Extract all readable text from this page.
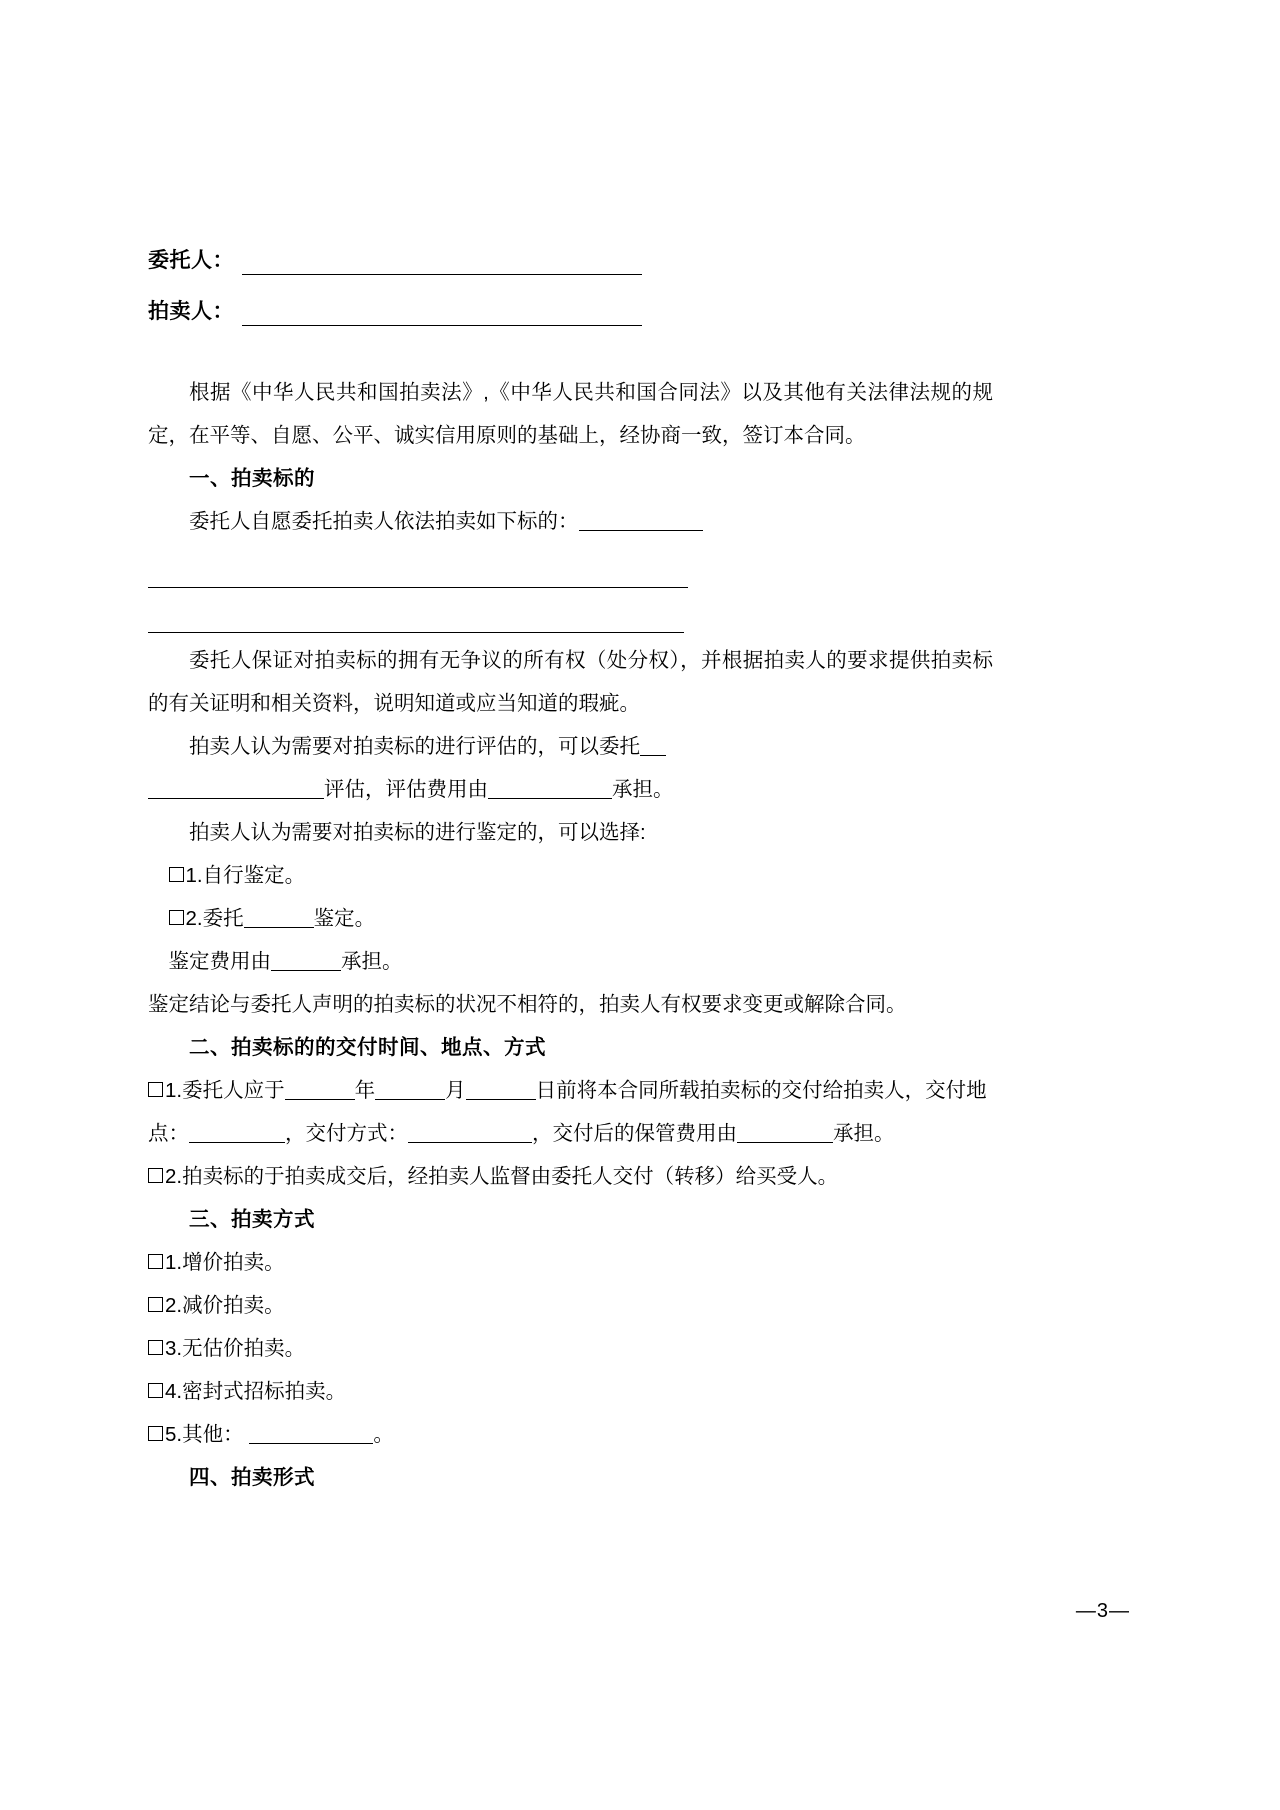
委托人：
拍卖人：

根据《中华人民共和国拍卖法》,《中华人民共和国合同法》以及其他有关法律法规的规定，在平等、自愿、公平、诚实信用原则的基础上，经协商一致，签订本合同。

一、拍卖标的

委托人自愿委托拍卖人依法拍卖如下标的：

委托人保证对拍卖标的拥有无争议的所有权（处分权），并根据拍卖人的要求提供拍卖标的有关证明和相关资料，说明知道或应当知道的瑕疵。

拍卖人认为需要对拍卖标的进行评估的，可以委托

评估，评估费用由	承担。

拍卖人认为需要对拍卖标的进行鉴定的，可以选择:

1.自行鉴定。

2.委托	鉴定。

鉴定费用由	承担。

鉴定结论与委托人声明的拍卖标的状况不相符的，拍卖人有权要求变更或解除合同。

二、拍卖标的的交付时间、地点、方式

1.委托人应于	年	月	日前将本合同所载拍卖标的交付给拍卖人，交付地

点：	，交付方式：	，交付后的保管费用由	承担。

2.拍卖标的于拍卖成交后，经拍卖人监督由委托人交付（转移）给买受人。

三、拍卖方式

1.增价拍卖。

2.减价拍卖。

3.无估价拍卖。

4.密封式招标拍卖。

5.其他：	。

四、拍卖形式

—3—
